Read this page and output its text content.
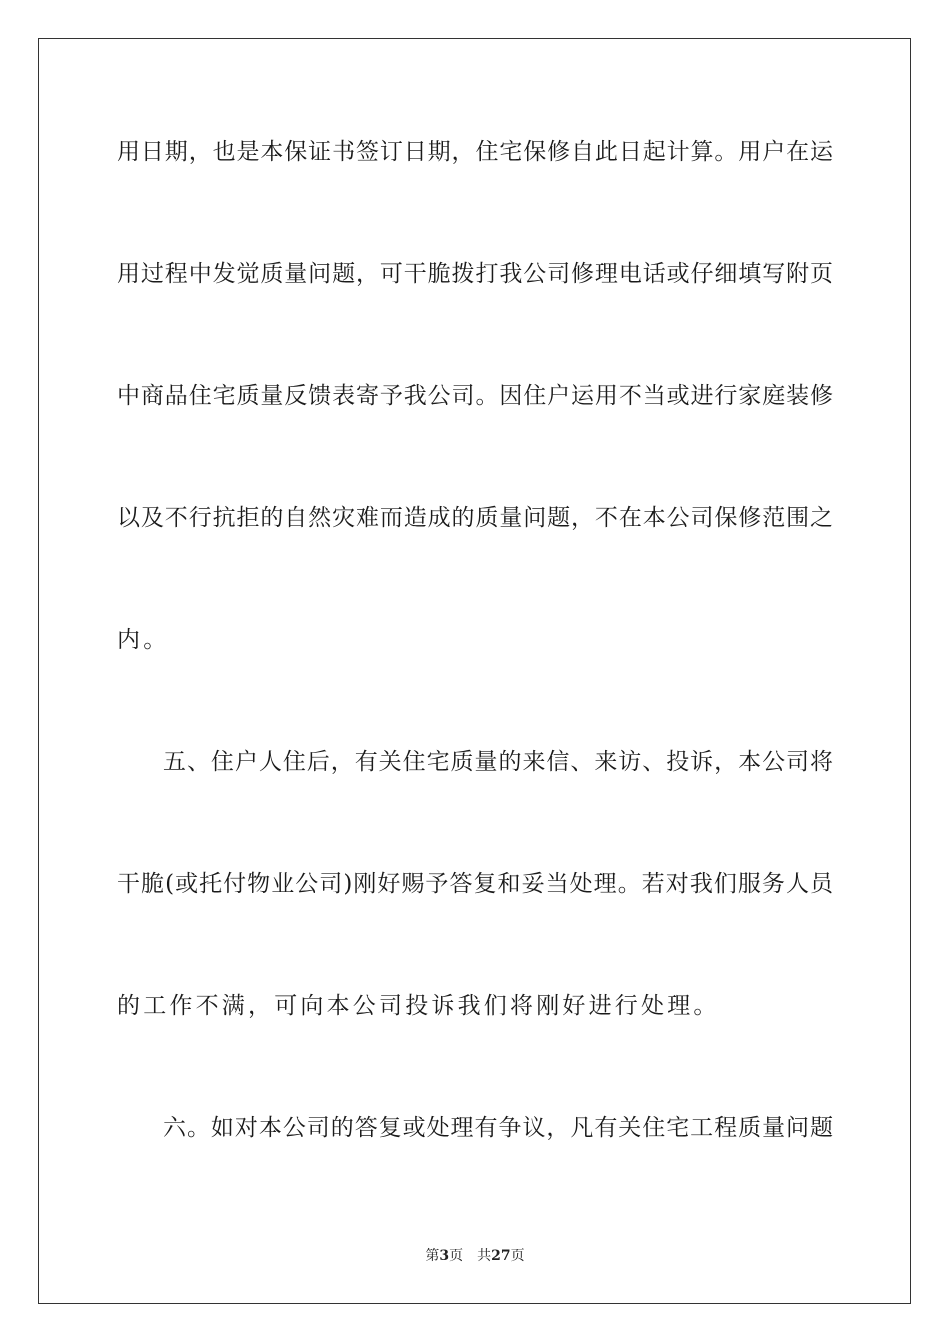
用日期，也是本保证书签订日期，住宅保修自此日起计算。用户在运
用过程中发觉质量问题，可干脆拨打我公司修理电话或仔细填写附页
中商品住宅质量反馈表寄予我公司。因住户运用不当或进行家庭装修
以及不行抗拒的自然灾难而造成的质量问题，不在本公司保修范围之
内。
五、住户人住后，有关住宅质量的来信、来访、投诉，本公司将
干脆(或托付物业公司)刚好赐予答复和妥当处理。若对我们服务人员
的工作不满，可向本公司投诉我们将刚好进行处理。
六。如对本公司的答复或处理有争议，凡有关住宅工程质量问题
第3页 共27页
